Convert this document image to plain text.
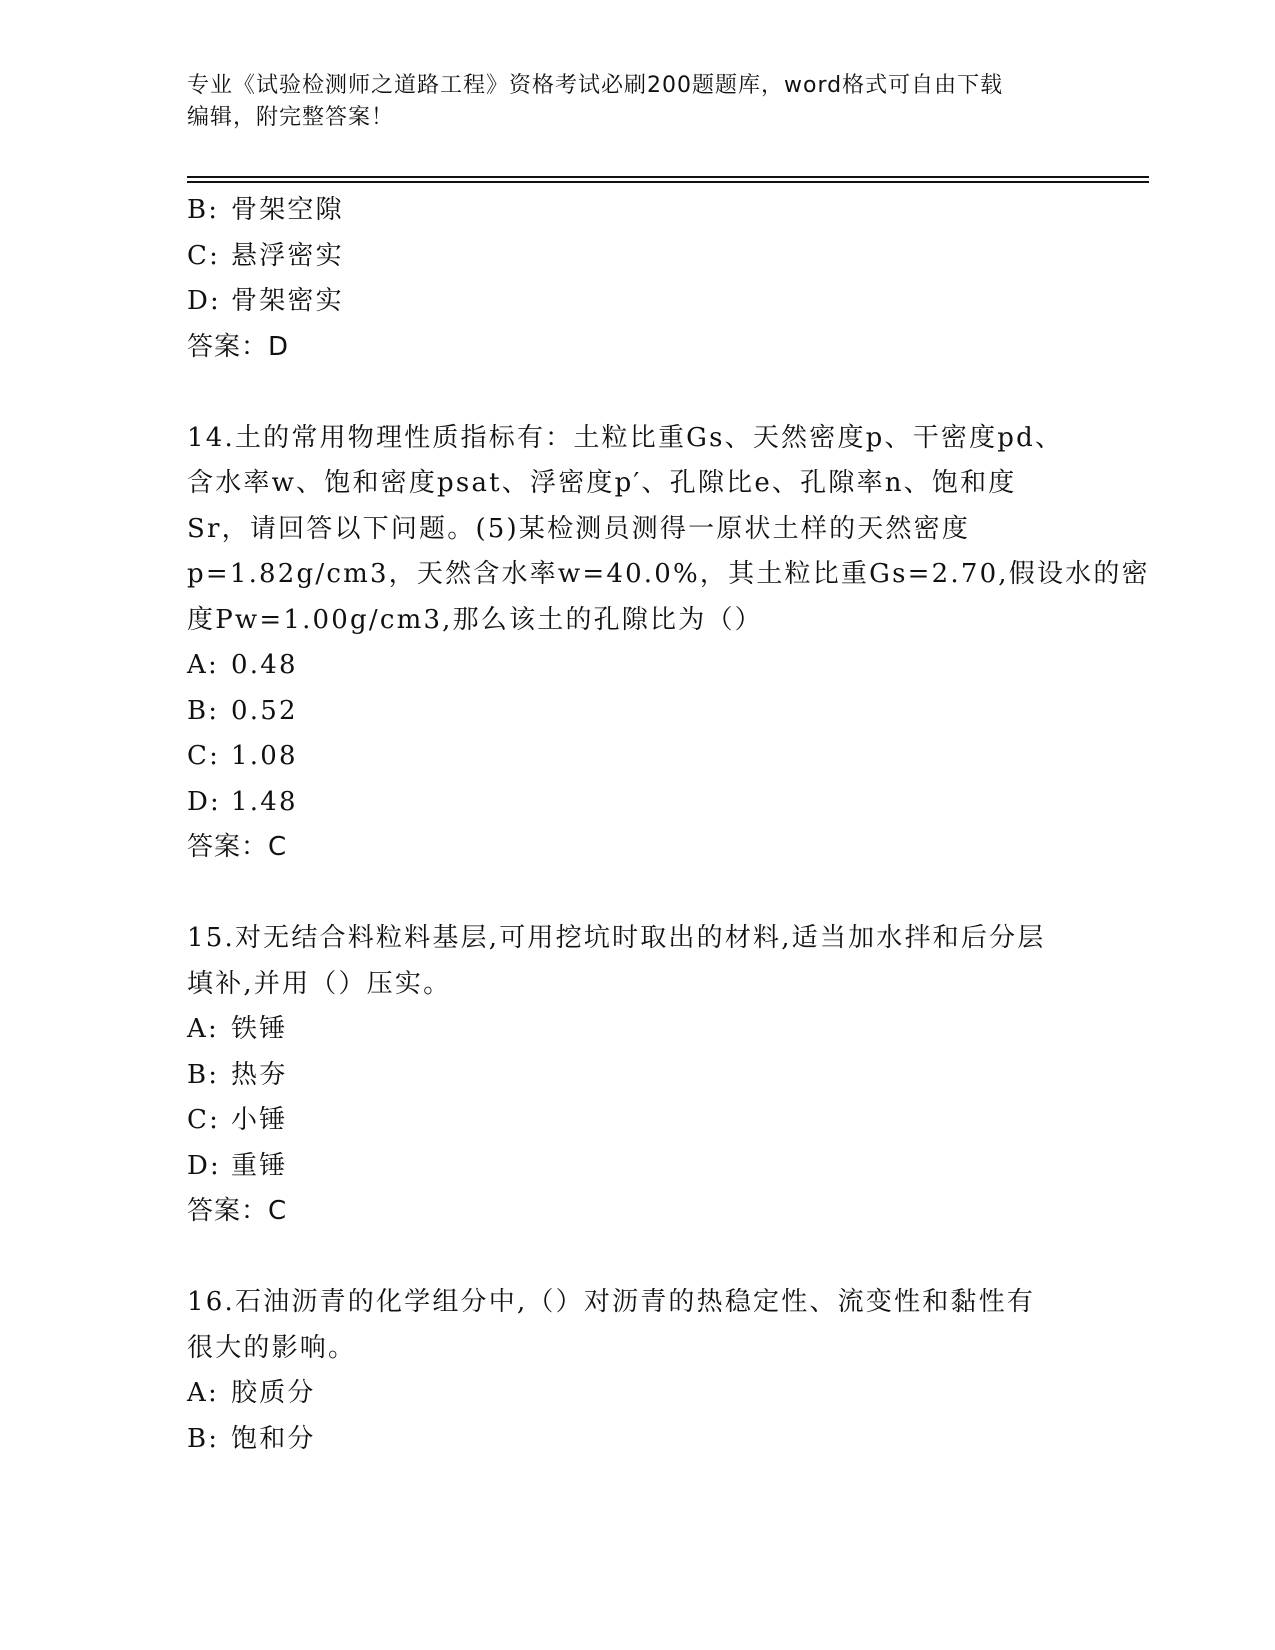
专业《试验检测师之道路工程》资格考试必刷200题题库，word格式可自由下载
编辑，附完整答案！
B: 骨架空隙
C: 悬浮密实
D: 骨架密实
答案：D
14.土的常用物理性质指标有：土粒比重Gs、天然密度p、干密度pd、
含水率w、饱和密度psat、浮密度p′、孔隙比e、孔隙率n、饱和度
Sr，请回答以下问题。(5)某检测员测得一原状土样的天然密度
p=1.82g/cm3，天然含水率w=40.0%，其土粒比重Gs=2.70,假设水的密
度Pw=1.00g/cm3,那么该土的孔隙比为（）
A: 0.48
B: 0.52
C: 1.08
D: 1.48
答案：C
15.对无结合料粒料基层,可用挖坑时取出的材料,适当加水拌和后分层
填补,并用（）压实。
A: 铁锤
B: 热夯
C: 小锤
D: 重锤
答案：C
16.石油沥青的化学组分中,（）对沥青的热稳定性、流变性和黏性有
很大的影响。
A: 胶质分
B: 饱和分
